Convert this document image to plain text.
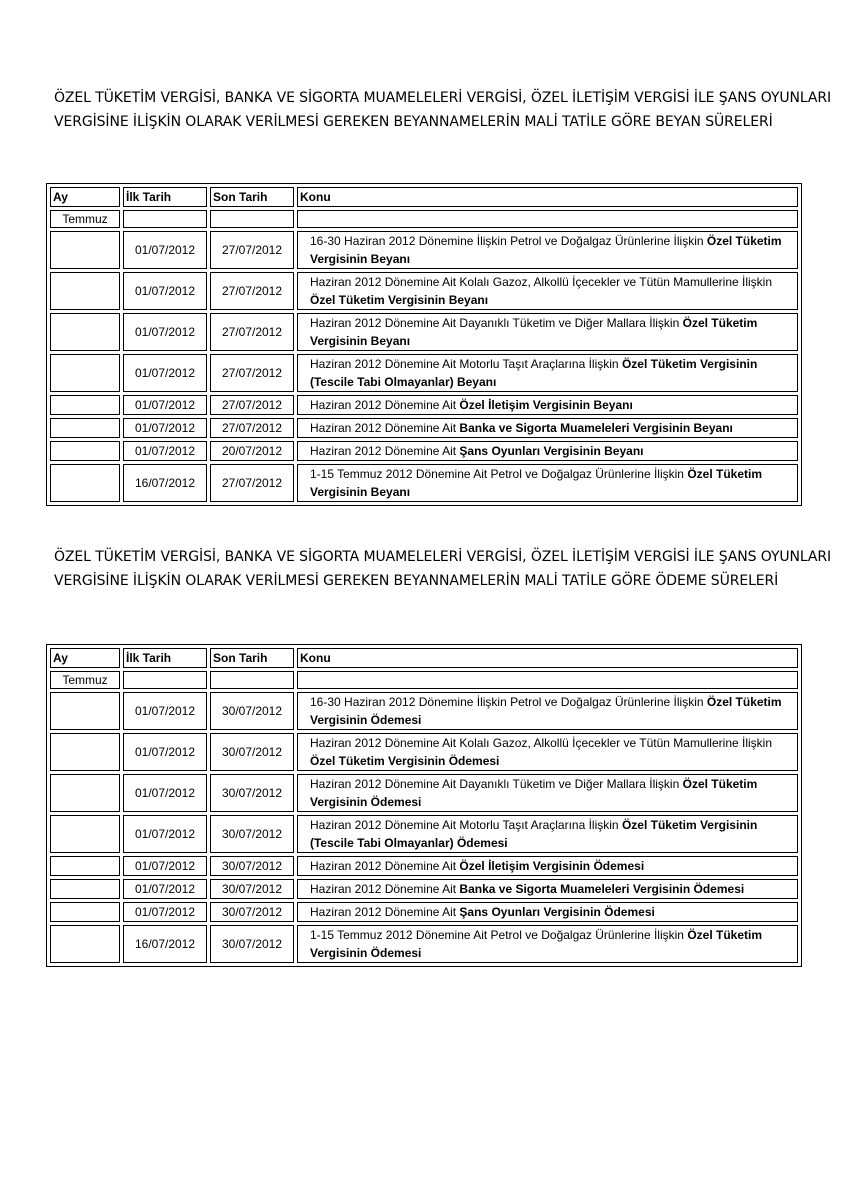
ÖZEL TÜKETİM VERGİSİ, BANKA VE SİGORTA MUAMELELERİ VERGİSİ, ÖZEL İLETİŞİM VERGİSİ İLE ŞANS OYUNLARI
VERGİSİNE İLİŞKİN OLARAK VERİLMESİ GEREKEN BEYANNAMELERİN MALİ TATİLE GÖRE BEYAN SÜRELERİ
Ay	İlk Tarih	Son Tarih	Konu
Temmuz			
	01/07/2012	27/07/2012	16-30 Haziran 2012 Dönemine İlişkin Petrol ve Doğalgaz Ürünlerine İlişkin Özel Tüketim Vergisinin Beyanı
	01/07/2012	27/07/2012	Haziran 2012 Dönemine Ait Kolalı Gazoz, Alkollü İçecekler ve Tütün Mamullerine İlişkin Özel Tüketim Vergisinin Beyanı
	01/07/2012	27/07/2012	Haziran 2012 Dönemine Ait Dayanıklı Tüketim ve Diğer Mallara İlişkin Özel Tüketim Vergisinin Beyanı
	01/07/2012	27/07/2012	Haziran 2012 Dönemine Ait Motorlu Taşıt Araçlarına İlişkin Özel Tüketim Vergisinin (Tescile Tabi Olmayanlar) Beyanı
	01/07/2012	27/07/2012	Haziran 2012 Dönemine Ait Özel İletişim Vergisinin Beyanı
	01/07/2012	27/07/2012	Haziran 2012 Dönemine Ait Banka ve Sigorta Muameleleri Vergisinin Beyanı
	01/07/2012	20/07/2012	Haziran 2012 Dönemine Ait Şans Oyunları Vergisinin Beyanı
	16/07/2012	27/07/2012	1-15 Temmuz 2012 Dönemine Ait Petrol ve Doğalgaz Ürünlerine İlişkin Özel Tüketim Vergisinin Beyanı
ÖZEL TÜKETİM VERGİSİ, BANKA VE SİGORTA MUAMELELERİ VERGİSİ, ÖZEL İLETİŞİM VERGİSİ İLE ŞANS OYUNLARI
VERGİSİNE İLİŞKİN OLARAK VERİLMESİ GEREKEN BEYANNAMELERİN MALİ TATİLE GÖRE ÖDEME SÜRELERİ
Ay	İlk Tarih	Son Tarih	Konu
Temmuz			
	01/07/2012	30/07/2012	16-30 Haziran 2012 Dönemine İlişkin Petrol ve Doğalgaz Ürünlerine İlişkin Özel Tüketim Vergisinin Ödemesi
	01/07/2012	30/07/2012	Haziran 2012 Dönemine Ait Kolalı Gazoz, Alkollü İçecekler ve Tütün Mamullerine İlişkin Özel Tüketim Vergisinin Ödemesi
	01/07/2012	30/07/2012	Haziran 2012 Dönemine Ait Dayanıklı Tüketim ve Diğer Mallara İlişkin Özel Tüketim Vergisinin Ödemesi
	01/07/2012	30/07/2012	Haziran 2012 Dönemine Ait Motorlu Taşıt Araçlarına İlişkin Özel Tüketim Vergisinin (Tescile Tabi Olmayanlar) Ödemesi
	01/07/2012	30/07/2012	Haziran 2012 Dönemine Ait Özel İletişim Vergisinin Ödemesi
	01/07/2012	30/07/2012	Haziran 2012 Dönemine Ait Banka ve Sigorta Muameleleri Vergisinin Ödemesi
	01/07/2012	30/07/2012	Haziran 2012 Dönemine Ait Şans Oyunları Vergisinin Ödemesi
	16/07/2012	30/07/2012	1-15 Temmuz 2012 Dönemine Ait Petrol ve Doğalgaz Ürünlerine İlişkin Özel Tüketim Vergisinin Ödemesi
